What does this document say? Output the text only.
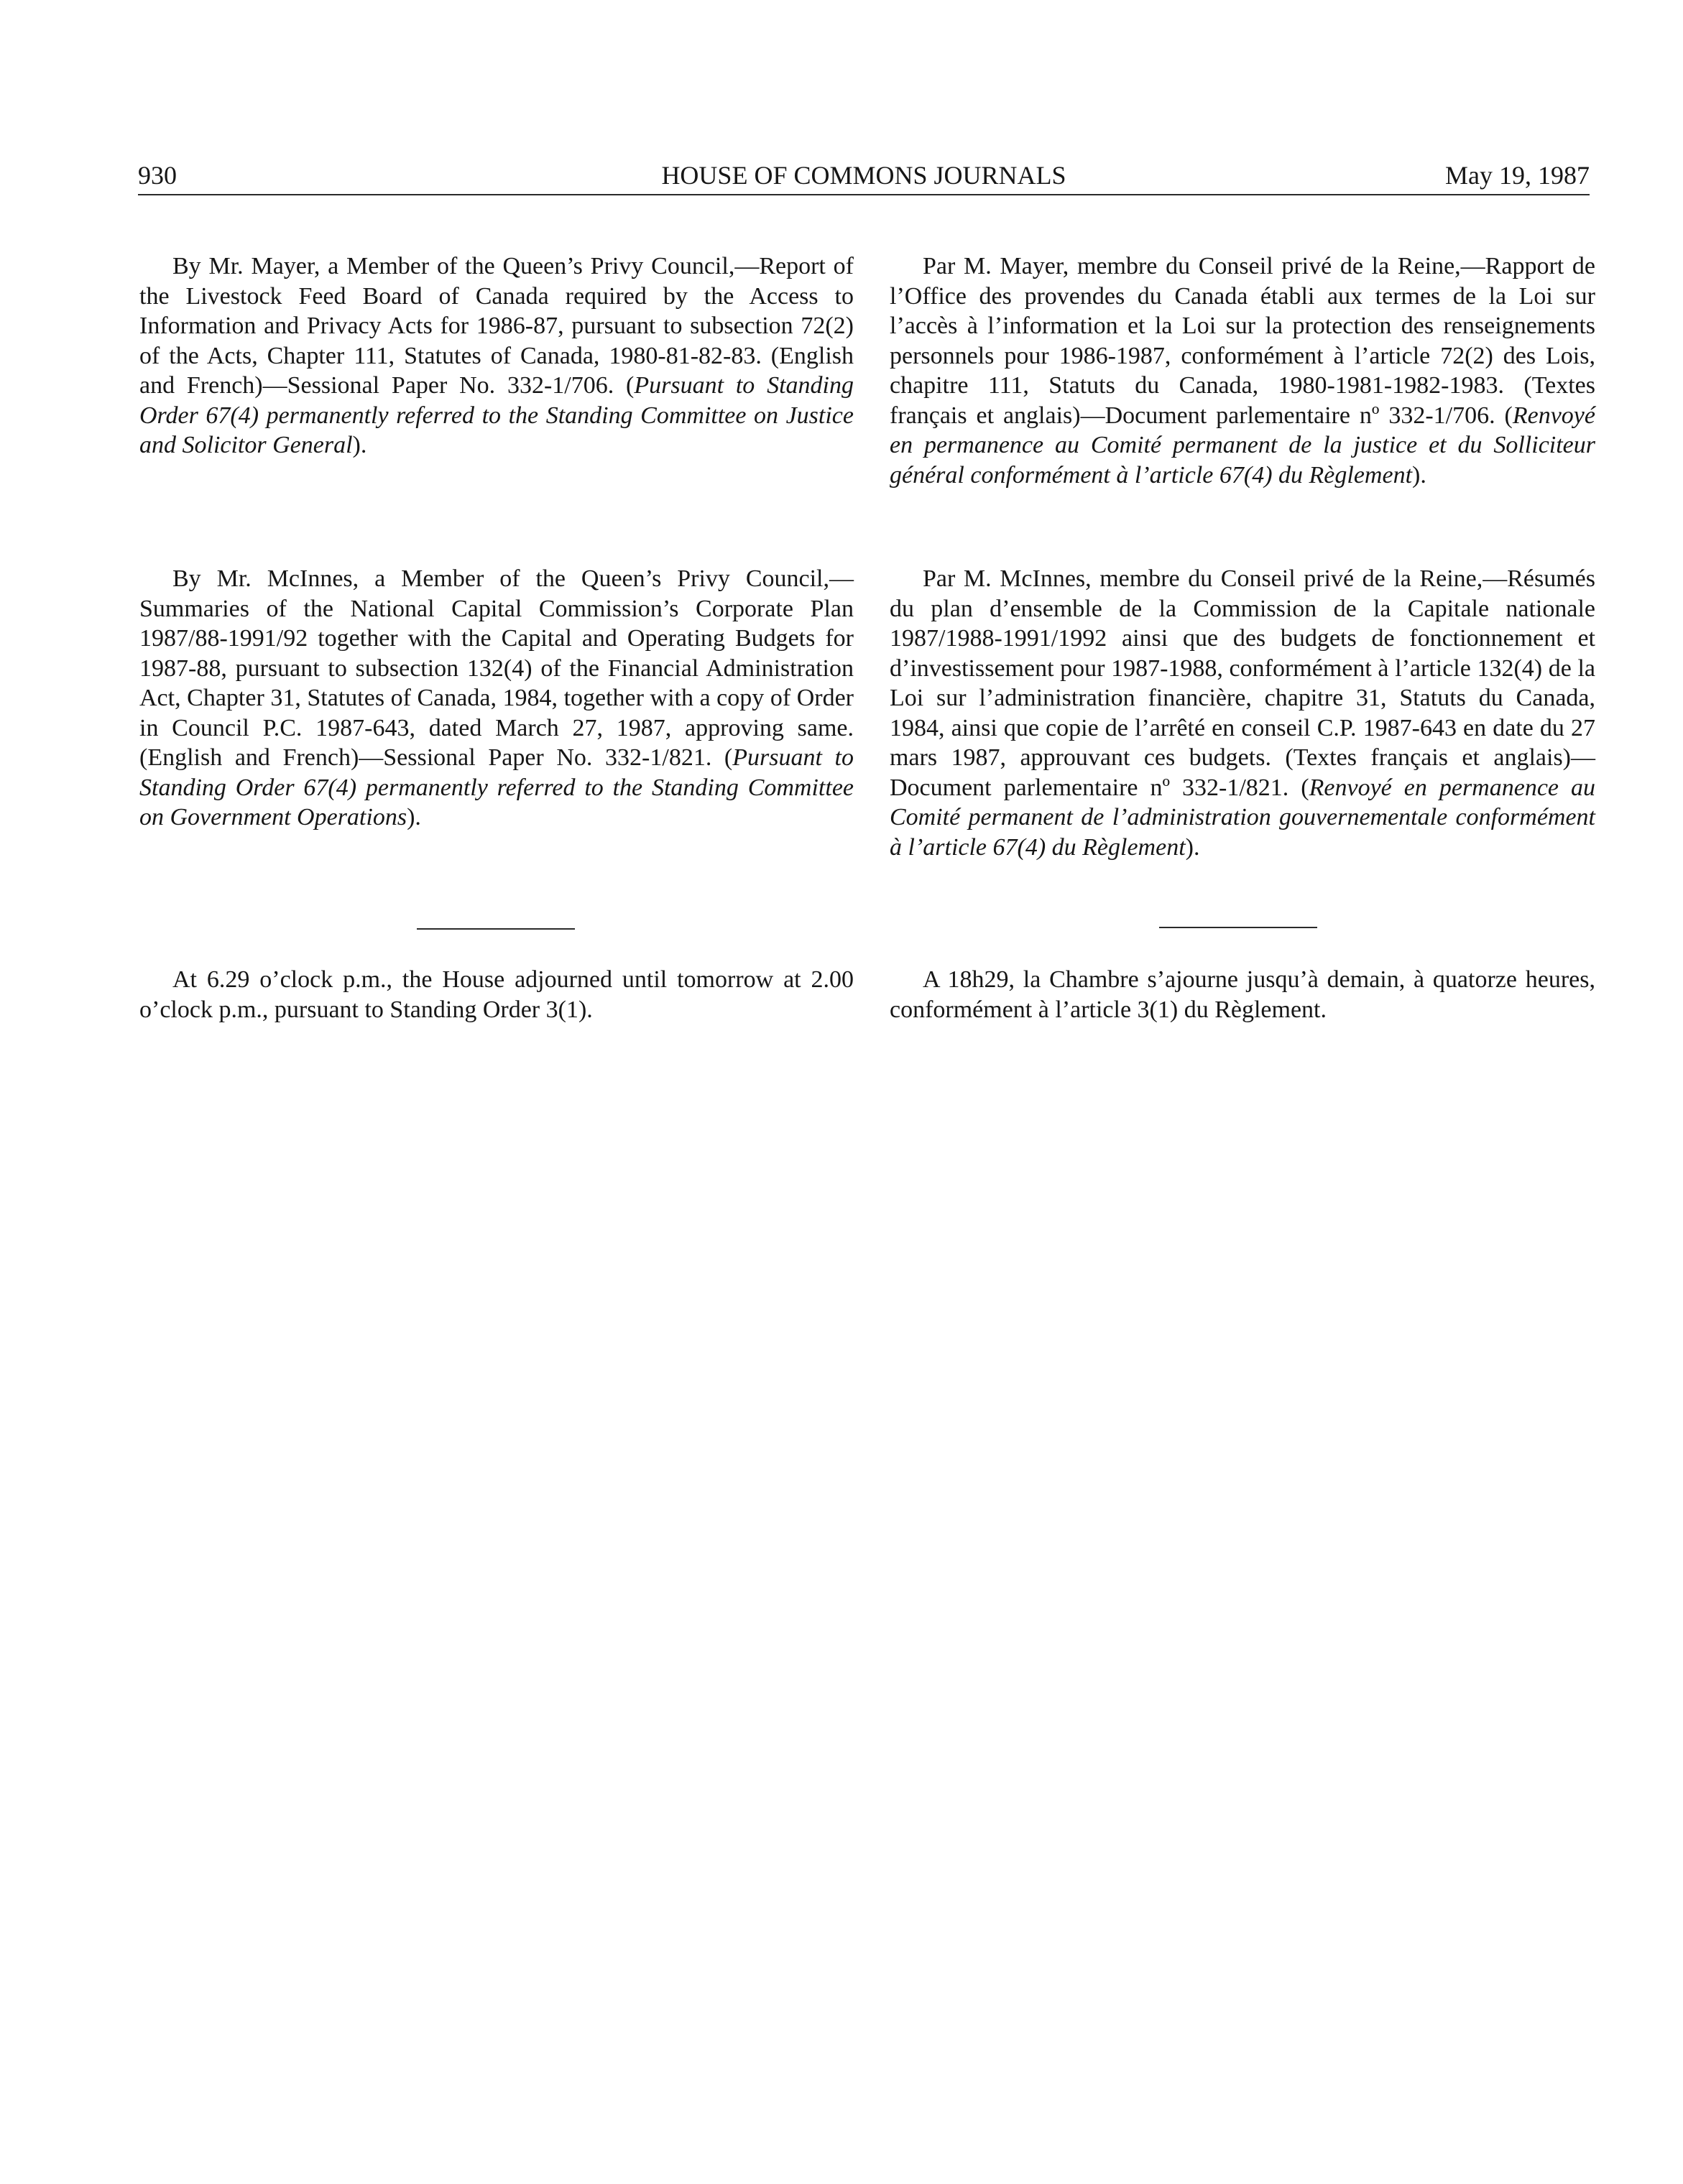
930	HOUSE OF COMMONS JOURNALS	May 19, 1987

By Mr. Mayer, a Member of the Queen’s Privy Council,—Report of the Livestock Feed Board of Canada required by the Access to Information and Privacy Acts for 1986-87, pursuant to subsection 72(2) of the Acts, Chapter 111, Statutes of Canada, 1980-81-82-83. (English and French)—Sessional Paper No. 332-1/706. (Pursuant to Standing Order 67(4) permanently referred to the Standing Committee on Justice and Solicitor General).

By Mr. McInnes, a Member of the Queen’s Privy Council,—Summaries of the National Capital Commission’s Corporate Plan 1987/88-1991/92 together with the Capital and Operating Budgets for 1987-88, pursuant to subsection 132(4) of the Financial Administration Act, Chapter 31, Statutes of Canada, 1984, together with a copy of Order in Council P.C. 1987-643, dated March 27, 1987, approving same. (English and French)—Sessional Paper No. 332-1/821. (Pursuant to Standing Order 67(4) permanently referred to the Standing Committee on Government Operations).

At 6.29 o’clock p.m., the House adjourned until tomorrow at 2.00 o’clock p.m., pursuant to Standing Order 3(1).

Par M. Mayer, membre du Conseil privé de la Reine,—Rapport de l’Office des provendes du Canada établi aux termes de la Loi sur l’accès à l’information et la Loi sur la protection des renseignements personnels pour 1986-1987, conformément à l’article 72(2) des Lois, chapitre 111, Statuts du Canada, 1980-1981-1982-1983. (Textes français et anglais)—Document parlementaire nº 332-1/706. (Renvoyé en permanence au Comité permanent de la justice et du Solliciteur général conformément à l’article 67(4) du Règlement).

Par M. McInnes, membre du Conseil privé de la Reine,—Résumés du plan d’ensemble de la Commission de la Capitale nationale 1987/1988-1991/1992 ainsi que des budgets de fonctionnement et d’investissement pour 1987-1988, conformément à l’article 132(4) de la Loi sur l’administration financière, chapitre 31, Statuts du Canada, 1984, ainsi que copie de l’arrêté en conseil C.P. 1987-643 en date du 27 mars 1987, approuvant ces budgets. (Textes français et anglais)—Document parlementaire nº 332-1/821. (Renvoyé en permanence au Comité permanent de l’administration gouvernementale conformément à l’article 67(4) du Règlement).

A 18h29, la Chambre s’ajourne jusqu’à demain, à quatorze heures, conformément à l’article 3(1) du Règlement.
